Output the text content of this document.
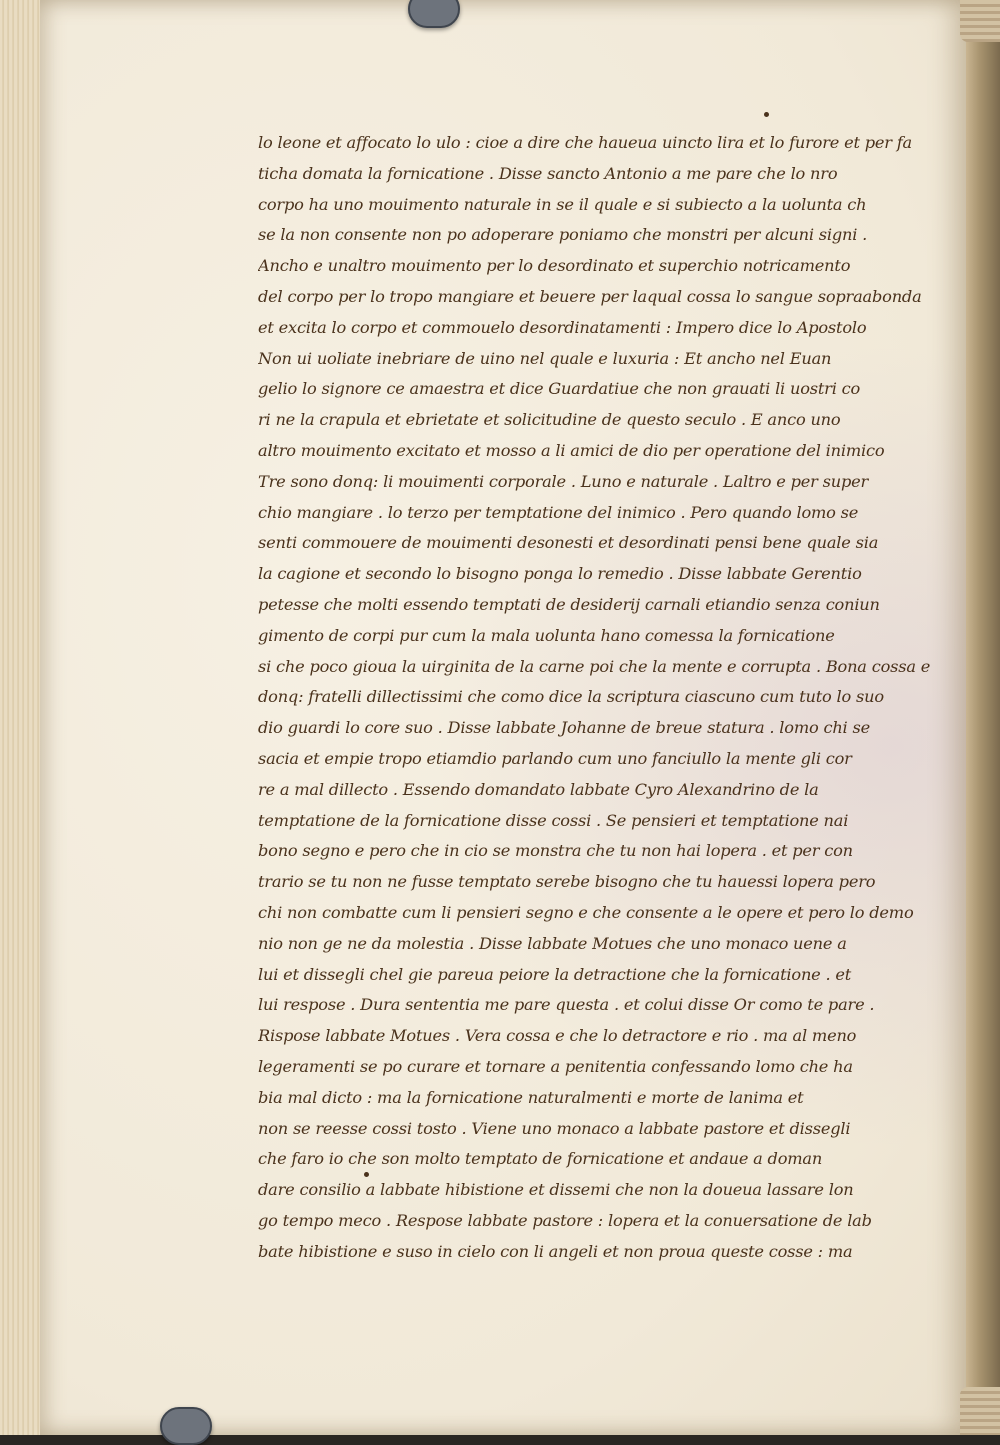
lo leone et affocato lo ulo : cioe a dire che haueua uincto lira et lo furore et per fa
ticha domata la fornicatione . Disse sancto Antonio a me pare che lo nro
corpo ha uno mouimento naturale in se il quale e si subiecto a la uolunta ch
se la non consente non po adoperare poniamo che monstri per alcuni signi .
Ancho e unaltro mouimento per lo desordinato et superchio notricamento
del corpo per lo tropo mangiare et beuere per laqual cossa lo sangue sopraabonda
et excita lo corpo et commouelo desordinatamenti : Impero dice lo Apostolo
Non ui uoliate inebriare de uino nel quale e luxuria : Et ancho nel Euan
gelio lo signore ce amaestra et dice Guardatiue che non grauati li uostri co
ri ne la crapula et ebrietate et solicitudine de questo seculo . E anco uno
altro mouimento excitato et mosso a li amici de dio per operatione del inimico
Tre sono donq: li mouimenti corporale . Luno e naturale . Laltro e per super
chio mangiare . lo terzo per temptatione del inimico . Pero quando lomo se
senti commouere de mouimenti desonesti et desordinati pensi bene quale sia
la cagione et secondo lo bisogno ponga lo remedio . Disse labbate Gerentio
petesse che molti essendo temptati de desiderij carnali etiandio senza coniun
gimento de corpi pur cum la mala uolunta hano comessa la fornicatione
si che poco gioua la uirginita de la carne poi che la mente e corrupta . Bona cossa e
donq: fratelli dillectissimi che como dice la scriptura ciascuno cum tuto lo suo
dio guardi lo core suo . Disse labbate Johanne de breue statura . lomo chi se
sacia et empie tropo etiamdio parlando cum uno fanciullo la mente gli cor
re a mal dillecto . Essendo domandato labbate Cyro Alexandrino de la
temptatione de la fornicatione disse cossi . Se pensieri et temptatione nai
bono segno e pero che in cio se monstra che tu non hai lopera . et per con
trario se tu non ne fusse temptato serebe bisogno che tu hauessi lopera pero
chi non combatte cum li pensieri segno e che consente a le opere et pero lo demo
nio non ge ne da molestia . Disse labbate Motues che uno monaco uene a
lui et dissegli chel gie pareua peiore la detractione che la fornicatione . et
lui respose . Dura sententia me pare questa . et colui disse Or como te pare .
Rispose labbate Motues . Vera cossa e che lo detractore e rio . ma al meno
legeramenti se po curare et tornare a penitentia confessando lomo che ha
bia mal dicto : ma la fornicatione naturalmenti e morte de lanima et
non se reesse cossi tosto . Viene uno monaco a labbate pastore et dissegli
che faro io che son molto temptato de fornicatione et andaue a doman
dare consilio a labbate hibistione et dissemi che non la doueua lassare lon
go tempo meco . Respose labbate pastore : lopera et la conuersatione de lab
bate hibistione e suso in cielo con li angeli et non proua queste cosse : ma
